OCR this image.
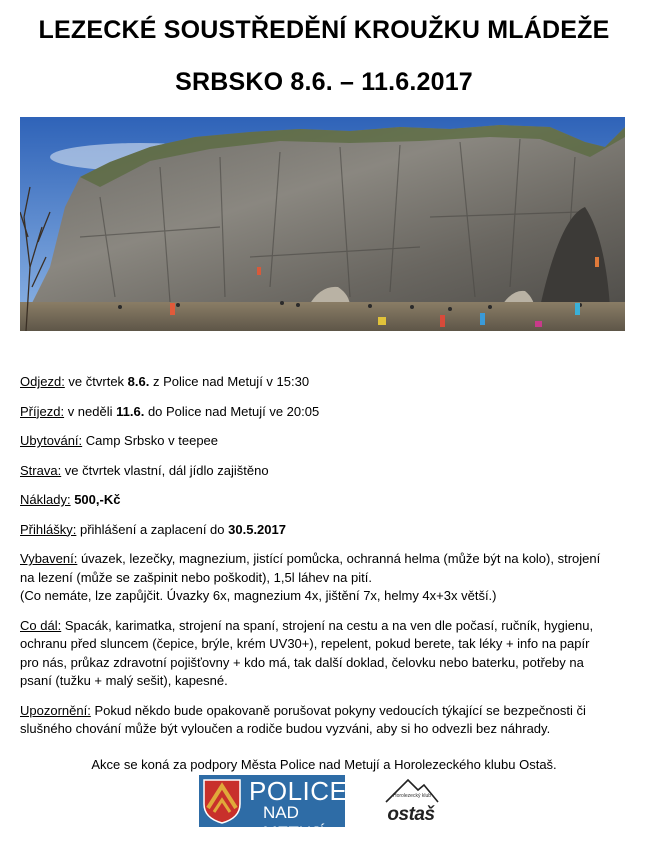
LEZECKÉ SOUSTŘEDĚNÍ KROUŽKU MLÁDEŽE
SRBSKO 8.6. – 11.6.2017

Odjezd: ve čtvrtek 8.6. z Police nad Metují v 15:30

Příjezd: v neděli 11.6. do Police nad Metují ve 20:05

Ubytování: Camp Srbsko v teepee

Strava: ve čtvrtek vlastní, dál jídlo zajištěno

Náklady: 500,-Kč

Přihlášky: přihlášení a zaplacení do 30.5.2017

Vybavení: úvazek, lezečky, magnezium, jistící pomůcka, ochranná helma (může být na kolo), strojení
na lezení (může se zašpinit nebo poškodit), 1,5l láhev na pití.
(Co nemáte, lze zapůjčit. Úvazky 6x, magnezium 4x, jištění 7x, helmy 4x+3x větší.)

Co dál: Spacák, karimatka, strojení na spaní, strojení na cestu a na ven dle počasí, ručník, hygienu,
ochranu před sluncem (čepice, brýle, krém UV30+), repelent, pokud berete, tak léky + info na papír
pro nás, průkaz zdravotní pojišťovny + kdo má, tak další doklad, čelovku nebo baterku, potřeby na
psaní (tužku + malý sešit), kapesné.

Upozornění: Pokud někdo bude opakovaně porušovat pokyny vedoucích týkající se bezpečnosti či
slušného chování může být vyloučen a rodiče budou vyzváni, aby si ho odvezli bez náhrady.

Akce se koná za podpory Města Police nad Metují a Horolezeckého klubu Ostaš.
POLICE
NAD METUJÍ
Horolezecký klub
ostaš
